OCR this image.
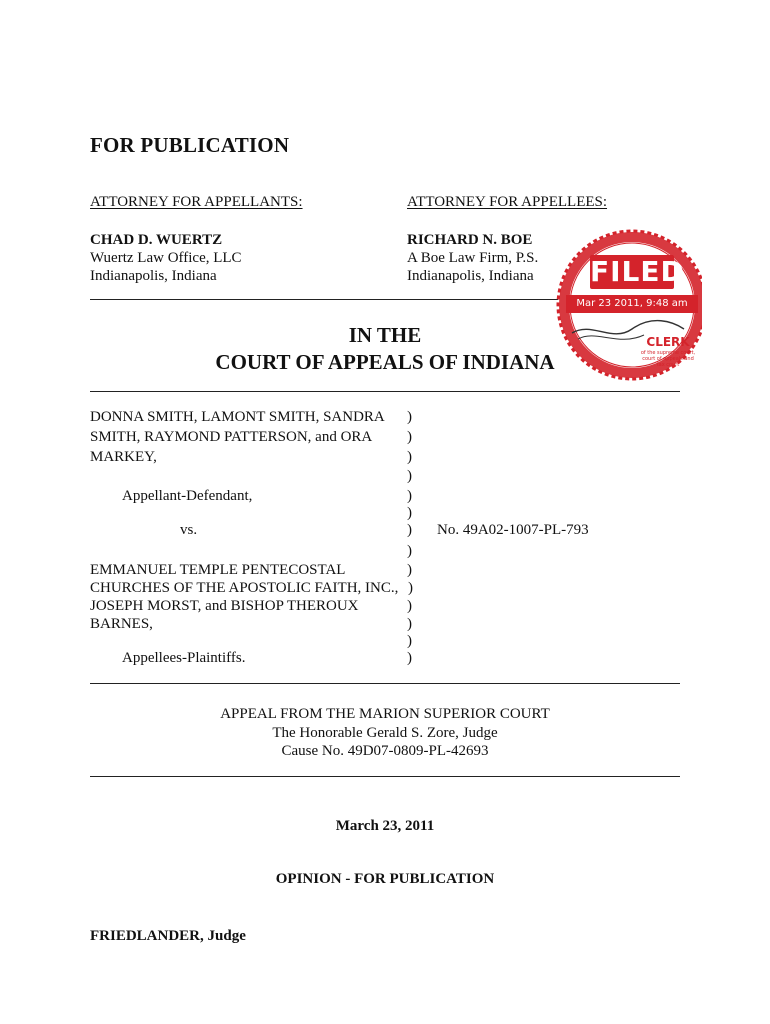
FOR PUBLICATION
ATTORNEY FOR APPELLANTS:
CHAD D. WUERTZ
Wuertz Law Office, LLC
Indianapolis, Indiana
ATTORNEY FOR APPELLEES:
RICHARD N. BOE
A Boe Law Firm, P.S.
Indianapolis, Indiana
IN THE
COURT OF APPEALS OF INDIANA
FILED
Mar 23 2011, 9:48 am
CLERK
of the supreme court,
court of appeals and
tax court
DONNA SMITH, LAMONT SMITH, SANDRA
SMITH, RAYMOND PATTERSON, and ORA
MARKEY,
Appellant-Defendant,
vs.	No. 49A02-1007-PL-793
EMMANUEL TEMPLE PENTECOSTAL
CHURCHES OF THE APOSTOLIC FAITH, INC.,
JOSEPH MORST, and BISHOP THEROUX
BARNES,
Appellees-Plaintiffs.
)
)
)
)
)
)
)
)
)
)
)
)
)
)
APPEAL FROM THE MARION SUPERIOR COURT
The Honorable Gerald S. Zore, Judge
Cause No. 49D07-0809-PL-42693
March 23, 2011
OPINION - FOR PUBLICATION
FRIEDLANDER, Judge
